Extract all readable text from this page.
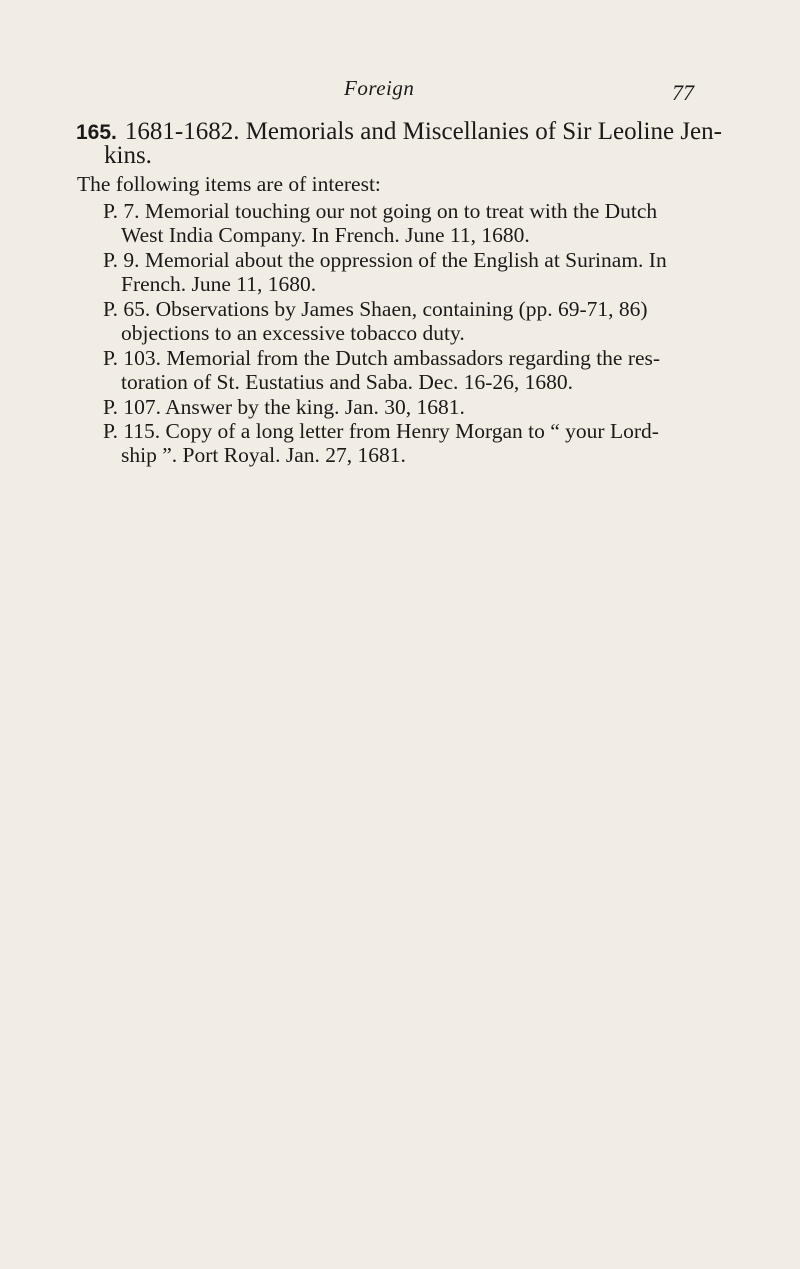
Foreign	77
165. 1681-1682. Memorials and Miscellanies of Sir Leoline Jen-
kins.
The following items are of interest:
P. 7. Memorial touching our not going on to treat with the Dutch
West India Company. In French. June 11, 1680.
P. 9. Memorial about the oppression of the English at Surinam. In
French. June 11, 1680.
P. 65. Observations by James Shaen, containing (pp. 69-71, 86)
objections to an excessive tobacco duty.
P. 103. Memorial from the Dutch ambassadors regarding the res-
toration of St. Eustatius and Saba. Dec. 16-26, 1680.
P. 107. Answer by the king. Jan. 30, 1681.
P. 115. Copy of a long letter from Henry Morgan to “ your Lord-
ship ”. Port Royal. Jan. 27, 1681.
